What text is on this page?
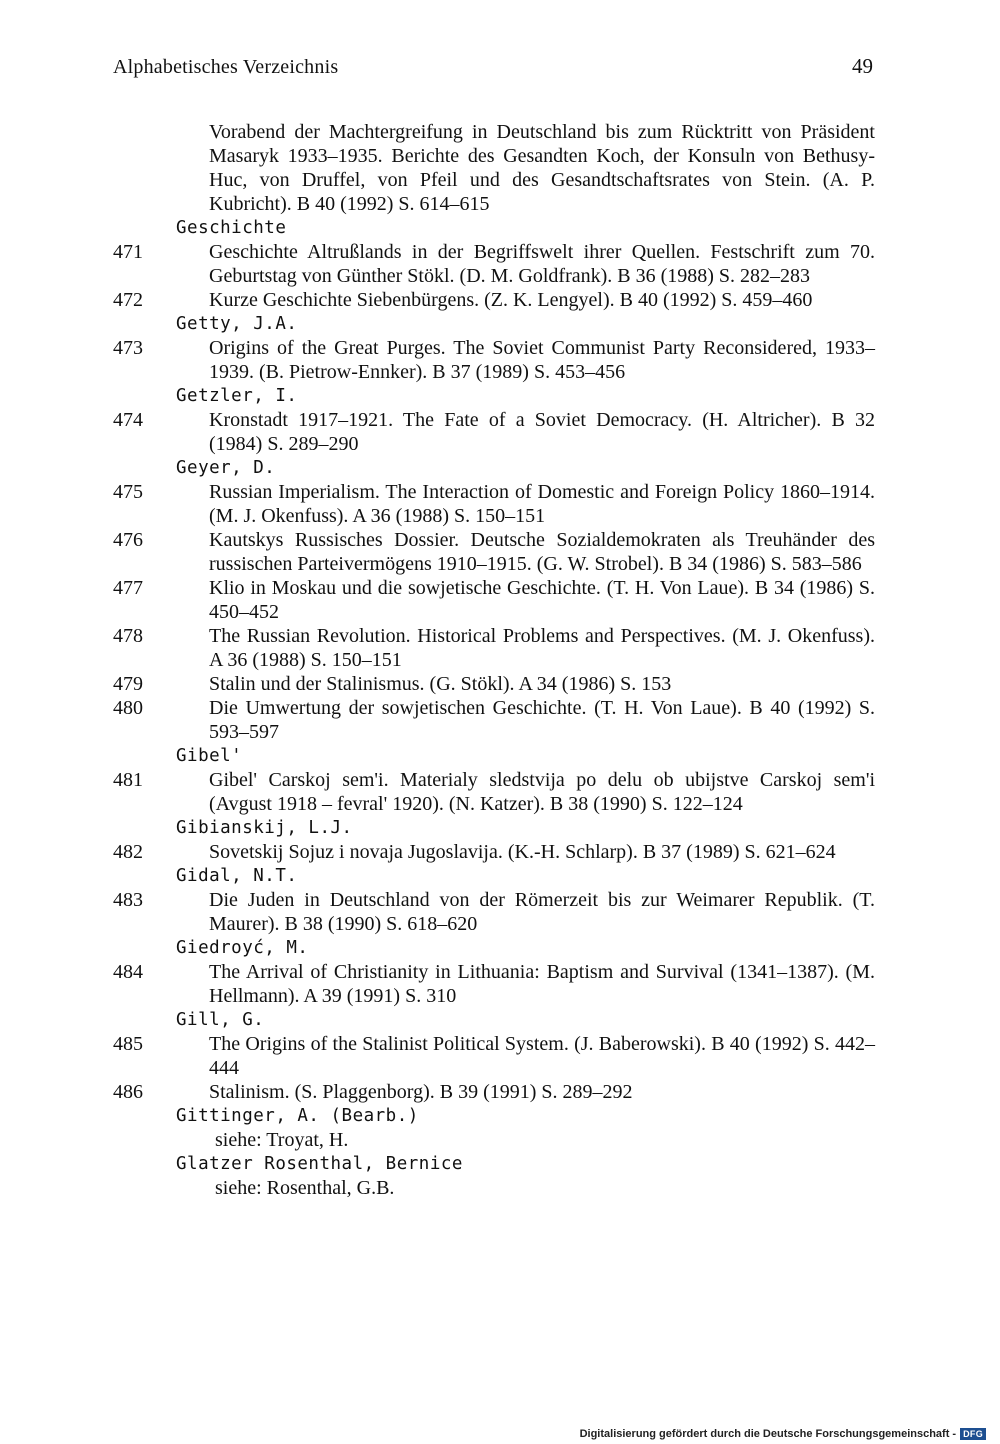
Alphabetisches Verzeichnis	49

Vorabend der Machtergreifung in Deutschland bis zum Rücktritt von Präsident Masaryk 1933–1935. Berichte des Gesandten Koch, der Konsuln von Bethusy-Huc, von Druffel, von Pfeil und des Gesandtschaftsrates von Stein. (A. P. Kubricht). B 40 (1992) S. 614–615

Geschichte
471	Geschichte Altrußlands in der Begriffswelt ihrer Quellen. Festschrift zum 70. Geburtstag von Günther Stökl. (D. M. Goldfrank). B 36 (1988) S. 282–283
472	Kurze Geschichte Siebenbürgens. (Z. K. Lengyel). B 40 (1992) S. 459–460
Getty, J.A.
473	Origins of the Great Purges. The Soviet Communist Party Reconsidered, 1933–1939. (B. Pietrow-Ennker). B 37 (1989) S. 453–456
Getzler, I.
474	Kronstadt 1917–1921. The Fate of a Soviet Democracy. (H. Altricher). B 32 (1984) S. 289–290
Geyer, D.
475	Russian Imperialism. The Interaction of Domestic and Foreign Policy 1860–1914. (M. J. Okenfuss). A 36 (1988) S. 150–151
476	Kautskys Russisches Dossier. Deutsche Sozialdemokraten als Treuhänder des russischen Parteivermögens 1910–1915. (G. W. Strobel). B 34 (1986) S. 583–586
477	Klio in Moskau und die sowjetische Geschichte. (T. H. Von Laue). B 34 (1986) S. 450–452
478	The Russian Revolution. Historical Problems and Perspectives. (M. J. Okenfuss). A 36 (1988) S. 150–151
479	Stalin und der Stalinismus. (G. Stökl). A 34 (1986) S. 153
480	Die Umwertung der sowjetischen Geschichte. (T. H. Von Laue). B 40 (1992) S. 593–597
Gibel'
481	Gibel' Carskoj sem'i. Materialy sledstvija po delu ob ubijstve Carskoj sem'i (Avgust 1918 – fevral' 1920). (N. Katzer). B 38 (1990) S. 122–124
Gibianskij, L.J.
482	Sovetskij Sojuz i novaja Jugoslavija. (K.-H. Schlarp). B 37 (1989) S. 621–624
Gidal, N.T.
483	Die Juden in Deutschland von der Römerzeit bis zur Weimarer Republik. (T. Maurer). B 38 (1990) S. 618–620
Giedroyć, M.
484	The Arrival of Christianity in Lithuania: Baptism and Survival (1341–1387). (M. Hellmann). A 39 (1991) S. 310
Gill, G.
485	The Origins of the Stalinist Political System. (J. Baberowski). B 40 (1992) S. 442–444
486	Stalinism. (S. Plaggenborg). B 39 (1991) S. 289–292
Gittinger, A. (Bearb.)
siehe: Troyat, H.
Glatzer Rosenthal, Bernice
siehe: Rosenthal, G.B.
Digitalisierung gefördert durch die Deutsche Forschungsgemeinschaft - DFG
